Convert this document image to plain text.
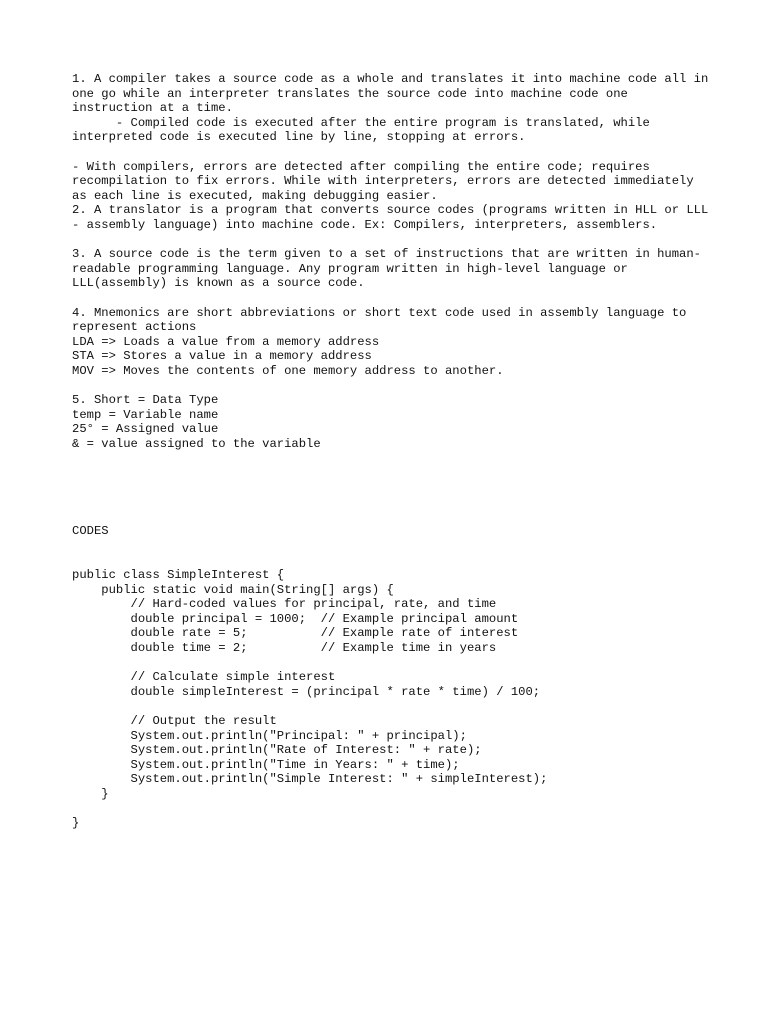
1. A compiler takes a source code as a whole and translates it into machine code all in one go while an interpreter translates the source code into machine code one instruction at a time.
- Compiled code is executed after the entire program is translated, while interpreted code is executed line by line, stopping at errors.
- With compilers, errors are detected after compiling the entire code; requires recompilation to fix errors. While with interpreters, errors are detected immediately as each line is executed, making debugging easier.
2. A translator is a program that converts source codes (programs written in HLL or LLL - assembly language) into machine code. Ex: Compilers, interpreters, assemblers.
3. A source code is the term given to a set of instructions that are written in human-readable programming language. Any program written in high-level language or LLL(assembly) is known as a source code.
4. Mnemonics are short abbreviations or short text code used in assembly language to represent actions
LDA => Loads a value from a memory address
STA => Stores a value in a memory address
MOV => Moves the contents of one memory address to another.
5. Short = Data Type
temp = Variable name
25° = Assigned value
& = value assigned to the variable
CODES
public class SimpleInterest {
public static void main(String[] args) {
// Hard-coded values for principal, rate, and time
double principal = 1000;  // Example principal amount
double rate = 5;          // Example rate of interest
double time = 2;          // Example time in years

// Calculate simple interest
double simpleInterest = (principal * rate * time) / 100;

// Output the result
System.out.println("Principal: " + principal);
System.out.println("Rate of Interest: " + rate);
System.out.println("Time in Years: " + time);
System.out.println("Simple Interest: " + simpleInterest);
}

}
